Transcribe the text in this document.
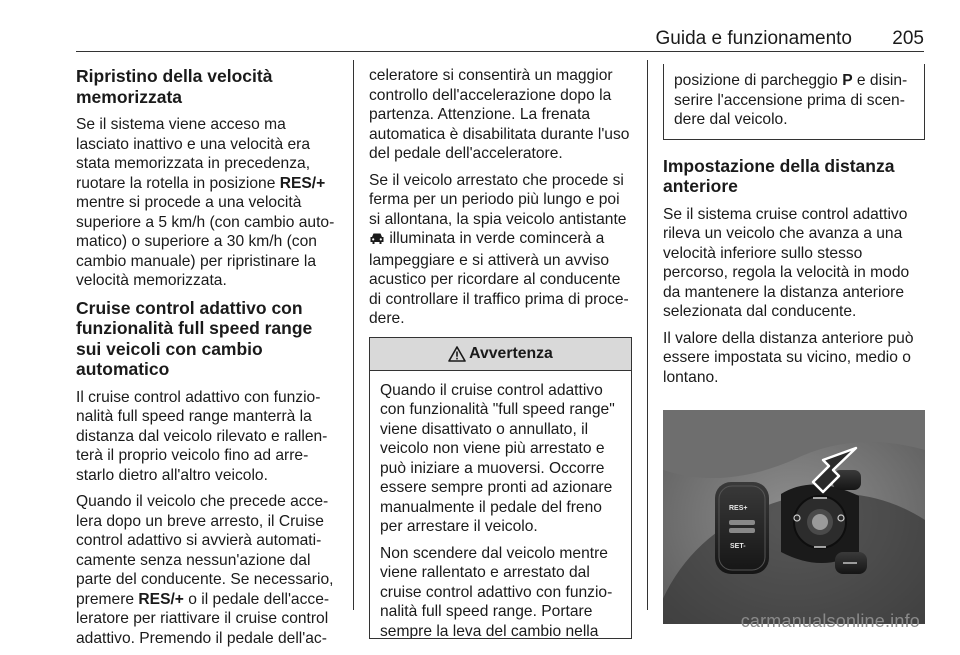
Guida e funzionamento 205
Ripristino della velocità memorizzata

Se il sistema viene acceso ma lasciato inattivo e una velocità era stata memorizzata in precedenza, ruotare la rotella in posizione RES/+ mentre si procede a una velocità superiore a 5 km/h (con cambio auto- matico) o superiore a 30 km/h (con cambio manuale) per ripristinare la velocità memorizzata.

Cruise control adattivo con funzionalità full speed range sui veicoli con cambio automatico

Il cruise control adattivo con funzio- nalità full speed range manterrà la distanza dal veicolo rilevato e rallen- terà il proprio veicolo fino ad arre- starlo dietro all'altro veicolo.

Quando il veicolo che precede acce- lera dopo un breve arresto, il Cruise control adattivo si avvierà automati- camente senza nessun'azione dal parte del conducente. Se necessario, premere RES/+ o il pedale dell'acce- leratore per riattivare il cruise control adattivo. Premendo il pedale dell'ac-

celeratore si consentirà un maggior controllo dell'accelerazione dopo la partenza. Attenzione. La frenata automatica è disabilitata durante l'uso del pedale dell'acceleratore.

Se il veicolo arrestato che procede si ferma per un periodo più lungo e poi si allontana, la spia veicolo antistante  illuminata in verde comincerà a lampeggiare e si attiverà un avviso acustico per ricordare al conducente di controllare il traffico prima di proce- dere.

Avvertenza

Quando il cruise control adattivo con funzionalità "full speed range" viene disattivato o annullato, il veicolo non viene più arrestato e può iniziare a muoversi. Occorre essere sempre pronti ad azionare manualmente il pedale del freno per arrestare il veicolo.

Non scendere dal veicolo mentre viene rallentato e arrestato dal cruise control adattivo con funzio- nalità full speed range. Portare sempre la leva del cambio nella

posizione di parcheggio P e disin- serire l'accensione prima di scen- dere dal veicolo.
Impostazione della distanza anteriore

Se il sistema cruise control adattivo rileva un veicolo che avanza a una velocità inferiore sullo stesso percorso, regola la velocità in modo da mantenere la distanza anteriore selezionata dal conducente.

Il valore della distanza anteriore può essere impostata su vicino, medio o lontano.

RES+
SET-
carmanualsonline.info
